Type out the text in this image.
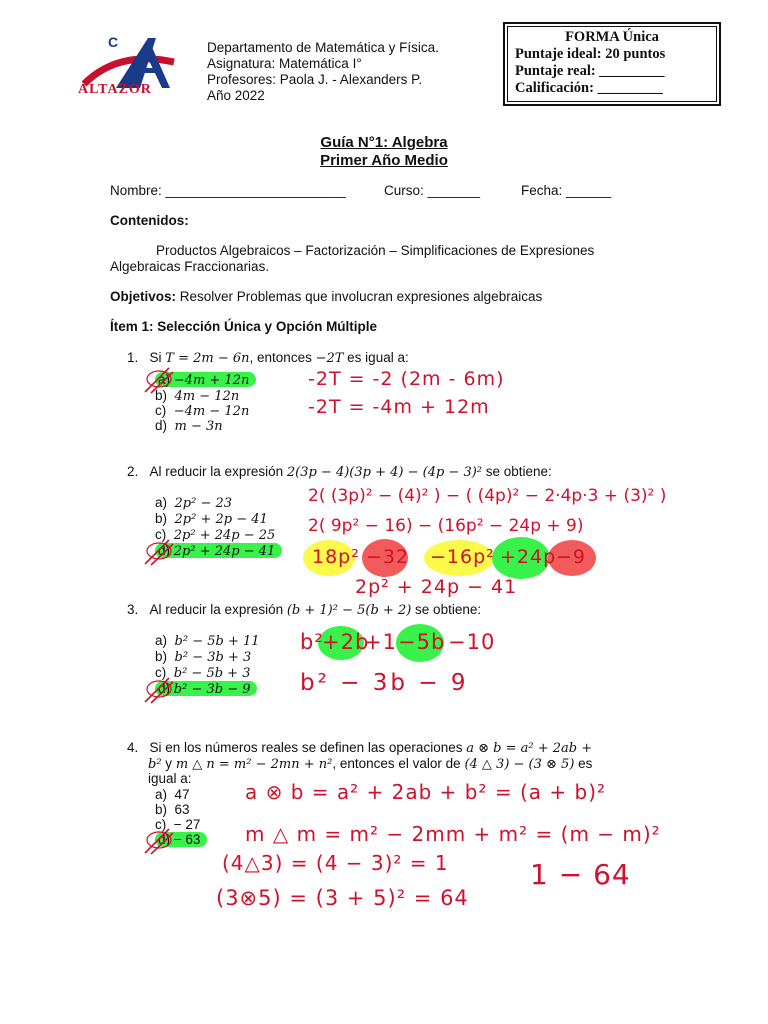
C
ALTAZOR
Departamento de Matemática y Física.
Asignatura: Matemática I°
Profesores: Paola J. - Alexanders P.
Año 2022
FORMA Única
Puntaje ideal: 20 puntos
Puntaje real: _________
Calificación: _________
Guía N°1: Algebra
Primer Año Medio
Nombre: ________________________	Curso: _______	Fecha: ______
Contenidos:
Productos Algebraicos – Factorización – Simplificaciones de Expresiones
Algebraicas Fraccionarias.
Objetivos: Resolver Problemas que involucran expresiones algebraicas
Ítem 1: Selección Única y Opción Múltiple
1. Si T = 2m − 6n, entonces −2T es igual a:
a) −4m + 12n
b) 4m − 12n
c) −4m − 12n
d) m − 3n
-2T = -2 (2m - 6m)
-2T = -4m + 12m
2. Al reducir la expresión 2(3p − 4)(3p + 4) − (4p − 3)² se obtiene:
a) 2p² − 23
b) 2p² + 2p − 41
c) 2p² + 24p − 25
d) 2p² + 24p − 41
2( (3p)² − (4)² ) − ( (4p)² − 2·4p·3 + (3)² )
2( 9p² − 16) − (16p² − 24p + 9)
18p² −32 −16p² +24p −9
2p² + 24p − 41
3. Al reducir la expresión (b + 1)² − 5(b + 2) se obtiene:
a) b² − 5b + 11
b) b² − 3b + 3
c) b² − 5b + 3
d) b² − 3b − 9
b²
+2b
+1 −5b −10
b² − 3b − 9
4. Si en los números reales se definen las operaciones a ⊗ b = a² + 2ab +
b² y m △ n = m² − 2mn + n², entonces el valor de (4 △ 3) − (3 ⊗ 5) es
igual a:
a) 47
b) 63
c) − 27
d) − 63
a ⊗ b = a² + 2ab + b² = (a + b)²
m △ m = m² − 2mm + m² = (m − m)²
(4△3) = (4 − 3)² = 1
(3⊗5) = (3 + 5)² = 64
1 − 64
